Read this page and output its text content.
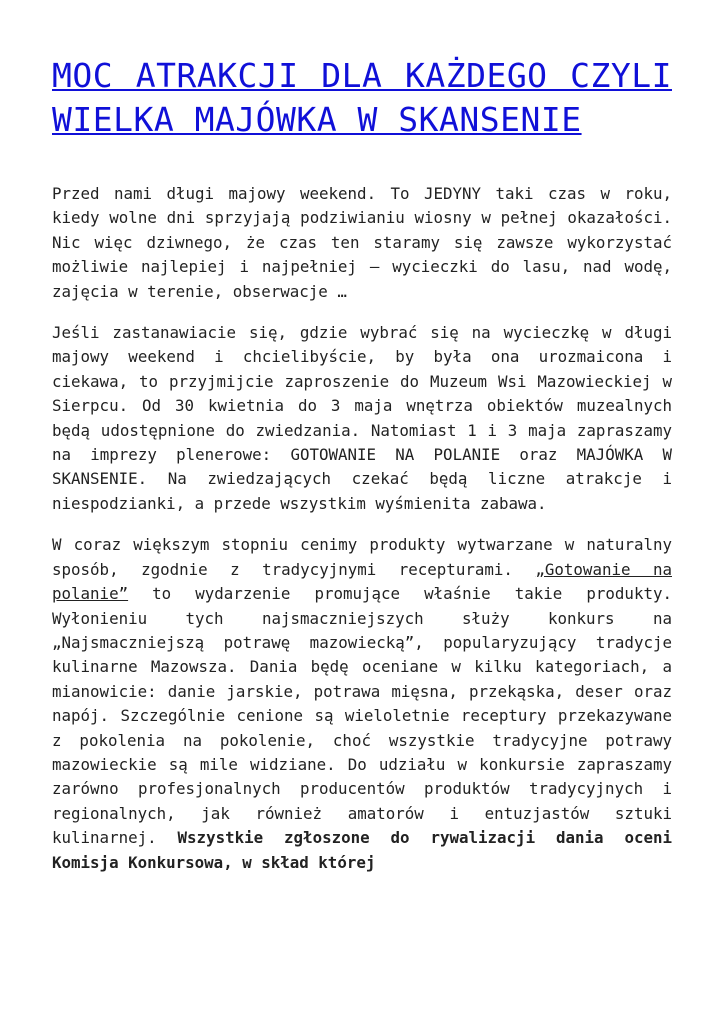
MOC ATRAKCJI DLA KAŻDEGO CZYLI WIELKA MAJÓWKA W SKANSENIE

Przed nami długi majowy weekend. To JEDYNY taki czas w roku, kiedy wolne dni sprzyjają podziwianiu wiosny w pełnej okazałości. Nic więc dziwnego, że czas ten staramy się zawsze wykorzystać możliwie najlepiej i najpełniej – wycieczki do lasu, nad wodę, zajęcia w terenie, obserwacje …

Jeśli zastanawiacie się, gdzie wybrać się na wycieczkę w długi majowy weekend i chcielibyście, by była ona urozmaicona i ciekawa, to przyjmijcie zaproszenie do Muzeum Wsi Mazowieckiej w Sierpcu. Od 30 kwietnia do 3 maja wnętrza obiektów muzealnych będą udostępnione do zwiedzania. Natomiast 1 i 3 maja zapraszamy na imprezy plenerowe: GOTOWANIE NA POLANIE oraz MAJÓWKA W SKANSENIE. Na zwiedzających czekać będą liczne atrakcje i niespodzianki, a przede wszystkim wyśmienita zabawa.

W coraz większym stopniu cenimy produkty wytwarzane w naturalny sposób, zgodnie z tradycyjnymi recepturami. „Gotowanie na polanie” to wydarzenie promujące właśnie takie produkty. Wyłonieniu tych najsmaczniejszych służy konkurs na „Najsmaczniejszą potrawę mazowiecką”, popularyzujący tradycje kulinarne Mazowsza. Dania będę oceniane w kilku kategoriach, a mianowicie: danie jarskie, potrawa mięsna, przekąska, deser oraz napój. Szczególnie cenione są wieloletnie receptury przekazywane z pokolenia na pokolenie, choć wszystkie tradycyjne potrawy mazowieckie są mile widziane. Do udziału w konkursie zapraszamy zarówno profesjonalnych producentów produktów tradycyjnych i regionalnych, jak również amatorów i entuzjastów sztuki kulinarnej. Wszystkie zgłoszone do rywalizacji dania oceni Komisja Konkursowa, w skład której
